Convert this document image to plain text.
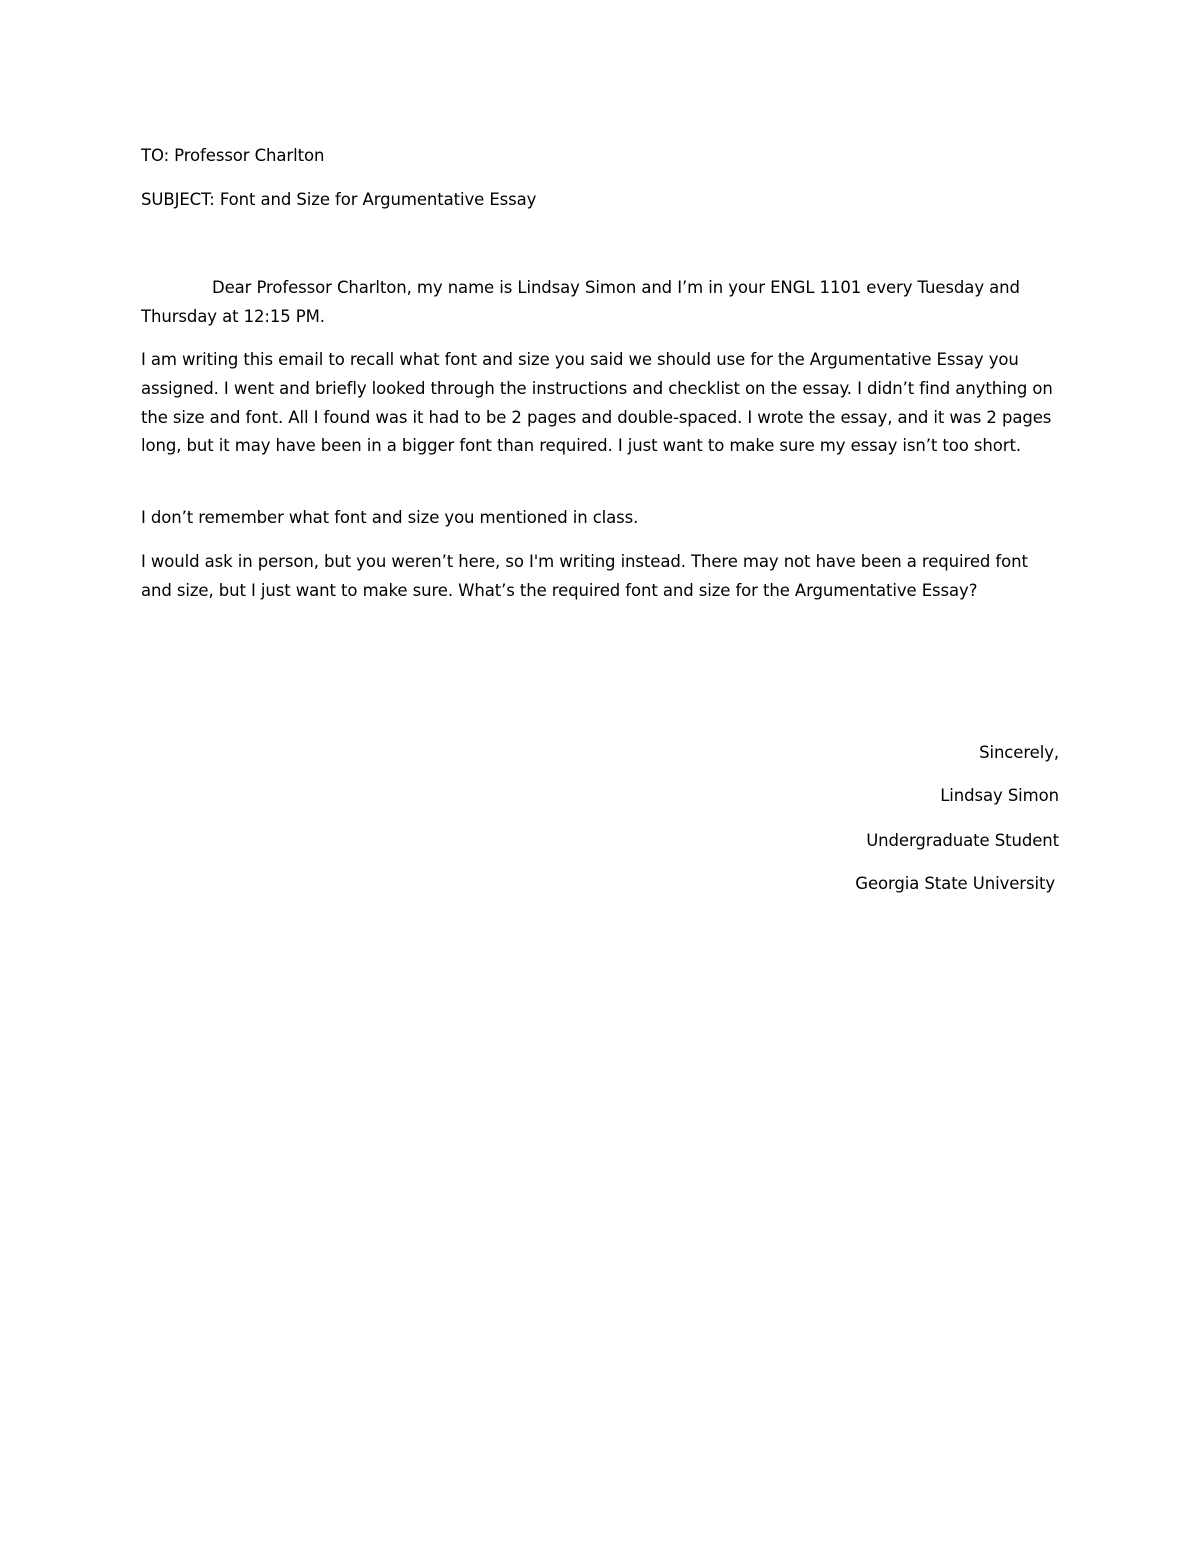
TO: Professor Charlton
SUBJECT: Font and Size for Argumentative Essay

Dear Professor Charlton, my name is Lindsay Simon and I’m in your ENGL 1101 every Tuesday and Thursday at 12:15 PM.

I am writing this email to recall what font and size you said we should use for the Argumentative Essay you assigned. I went and briefly looked through the instructions and checklist on the essay. I didn’t find anything on the size and font. All I found was it had to be 2 pages and double-spaced. I wrote the essay, and it was 2 pages long, but it may have been in a bigger font than required. I just want to make sure my essay isn’t too short.

I don’t remember what font and size you mentioned in class.

I would ask in person, but you weren’t here, so I'm writing instead. There may not have been a required font and size, but I just want to make sure. What’s the required font and size for the Argumentative Essay?

Sincerely,
Lindsay Simon
Undergraduate Student
Georgia State University
